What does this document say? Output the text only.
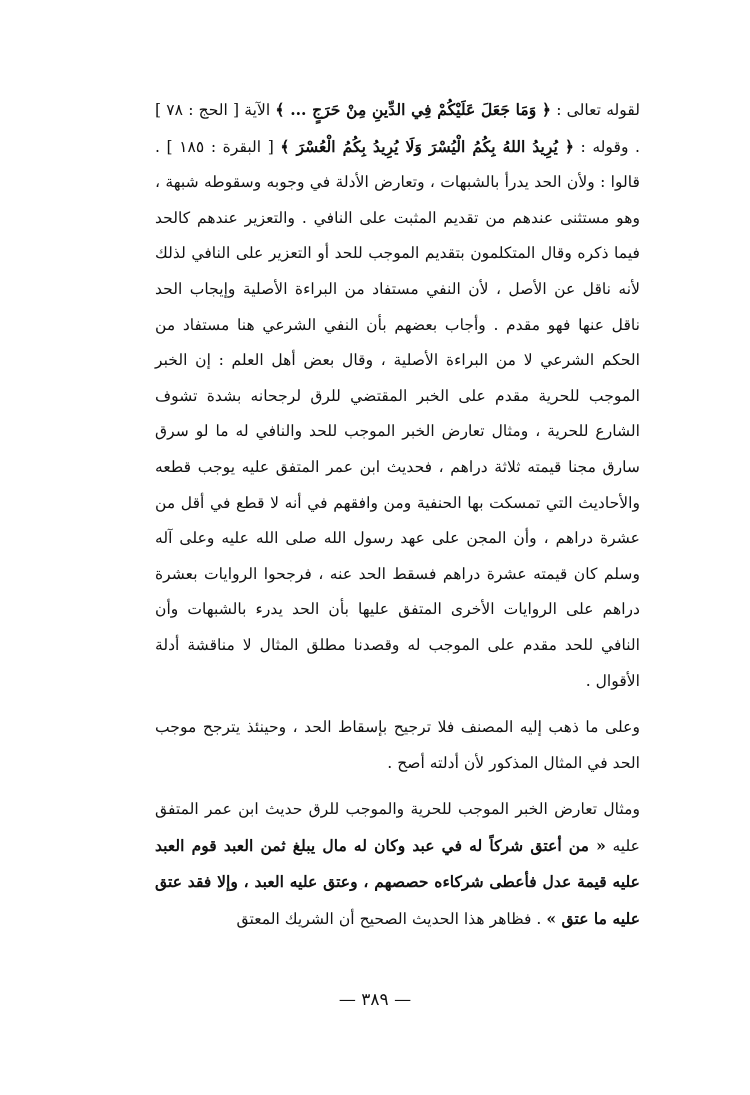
لقوله تعالى : ﴿ وَمَا جَعَلَ عَلَيْكُمْ فِي الدِّينِ مِنْ حَرَجٍ ... ﴾ الآية [ الحج : ٧٨ ] . وقوله : ﴿ يُرِيدُ اللهُ بِكُمُ الْيُسْرَ وَلَا يُرِيدُ بِكُمُ الْعُسْرَ ﴾ [ البقرة : ١٨٥ ] . قالوا : ولأن الحد يدرأ بالشبهات ، وتعارض الأدلة في وجوبه وسقوطه شبهة ، وهو مستثنى عندهم من تقديم المثبت على النافي . والتعزير عندهم كالحد فيما ذكره وقال المتكلمون بتقديم الموجب للحد أو التعزير على النافي لذلك لأنه ناقل عن الأصل ، لأن النفي مستفاد من البراءة الأصلية وإيجاب الحد ناقل عنها فهو مقدم . وأجاب بعضهم بأن النفي الشرعي هنا مستفاد من الحكم الشرعي لا من البراءة الأصلية ، وقال بعض أهل العلم : إن الخبر الموجب للحرية مقدم على الخبر المقتضي للرق لرجحانه بشدة تشوف الشارع للحرية ، ومثال تعارض الخبر الموجب للحد والنافي له ما لو سرق سارق مجنا قيمته ثلاثة دراهم ، فحديث ابن عمر المتفق عليه يوجب قطعه والأحاديث التي تمسكت بها الحنفية ومن وافقهم في أنه لا قطع في أقل من عشرة دراهم ، وأن المجن على عهد رسول الله صلى الله عليه وعلى آله وسلم كان قيمته عشرة دراهم فسقط الحد عنه ، فرجحوا الروايات بعشرة دراهم على الروايات الأخرى المتفق عليها بأن الحد يدرء بالشبهات وأن النافي للحد مقدم على الموجب له وقصدنا مطلق المثال لا مناقشة أدلة الأقوال .

وعلى ما ذهب إليه المصنف فلا ترجيح بإسقاط الحد ، وحينئذ يترجح موجب الحد في المثال المذكور لأن أدلته أصح .

ومثال تعارض الخبر الموجب للحرية والموجب للرق حديث ابن عمر المتفق عليه « من أعتق شركاً له في عبد وكان له مال يبلغ ثمن العبد قوم العبد عليه قيمة عدل فأعطى شركاءه حصصهم ، وعتق عليه العبد ، وإلا فقد عتق عليه ما عتق » . فظاهر هذا الحديث الصحيح أن الشريك المعتق

— ٣٨٩ —
